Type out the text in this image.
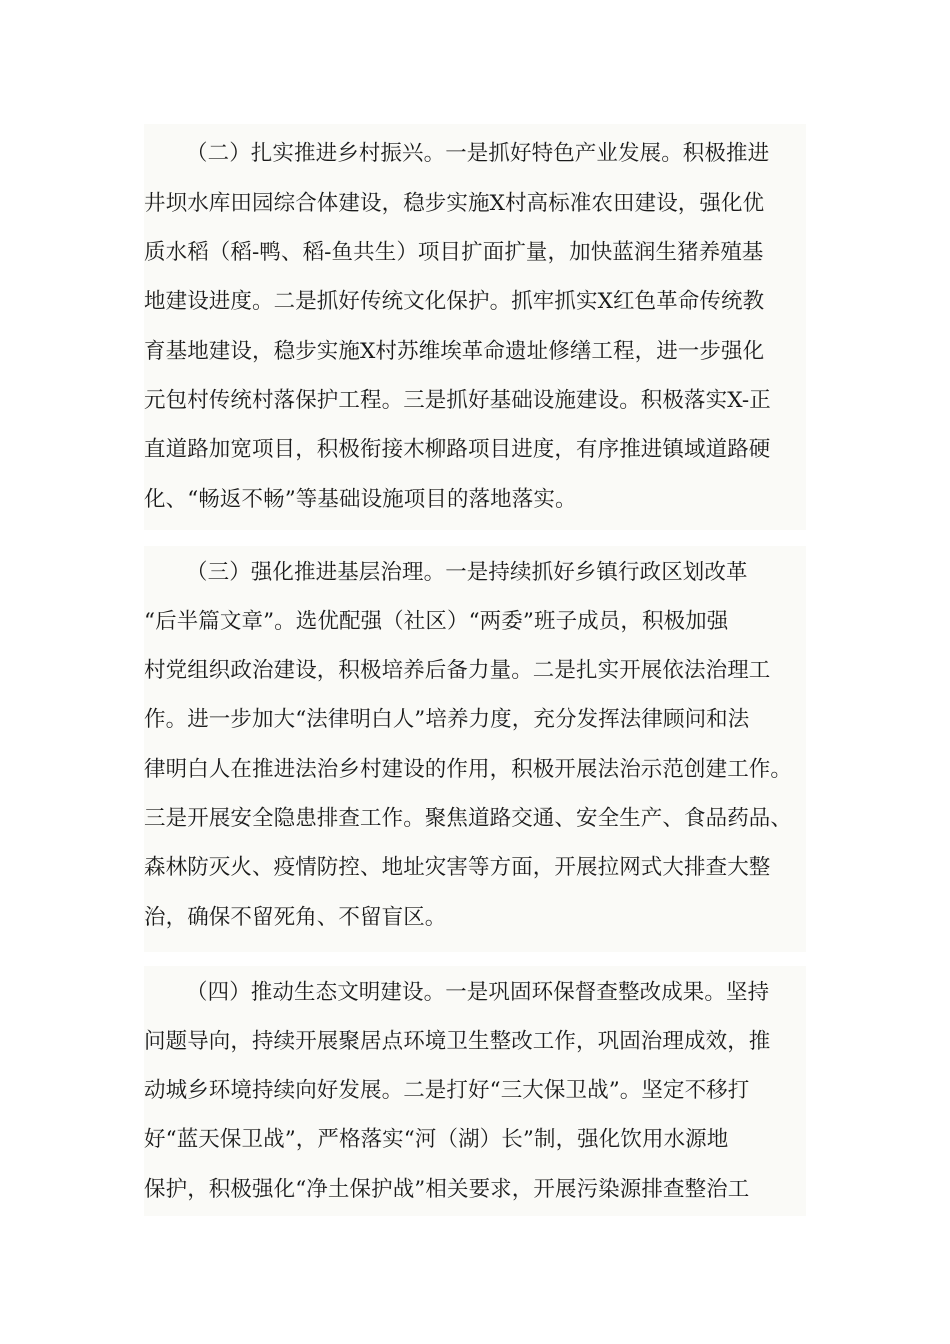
（二）扎实推进乡村振兴。一是抓好特色产业发展。积极推进
井坝水库田园综合体建设，稳步实施X村高标准农田建设，强化优
质水稻（稻-鸭、稻-鱼共生）项目扩面扩量，加快蓝润生猪养殖基
地建设进度。二是抓好传统文化保护。抓牢抓实X红色革命传统教
育基地建设，稳步实施X村苏维埃革命遗址修缮工程，进一步强化
元包村传统村落保护工程。三是抓好基础设施建设。积极落实X-正
直道路加宽项目，积极衔接木柳路项目进度，有序推进镇域道路硬
化、“畅返不畅”等基础设施项目的落地落实。
（三）强化推进基层治理。一是持续抓好乡镇行政区划改革
“后半篇文章”。选优配强（社区）“两委”班子成员，积极加强
村党组织政治建设，积极培养后备力量。二是扎实开展依法治理工
作。进一步加大“法律明白人”培养力度，充分发挥法律顾问和法
律明白人在推进法治乡村建设的作用，积极开展法治示范创建工作。
三是开展安全隐患排查工作。聚焦道路交通、安全生产、食品药品、
森林防灭火、疫情防控、地址灾害等方面，开展拉网式大排查大整
治，确保不留死角、不留盲区。
（四）推动生态文明建设。一是巩固环保督查整改成果。坚持
问题导向，持续开展聚居点环境卫生整改工作，巩固治理成效，推
动城乡环境持续向好发展。二是打好“三大保卫战”。坚定不移打
好“蓝天保卫战”，严格落实“河（湖）长”制，强化饮用水源地
保护，积极强化“净土保护战”相关要求，开展污染源排查整治工
